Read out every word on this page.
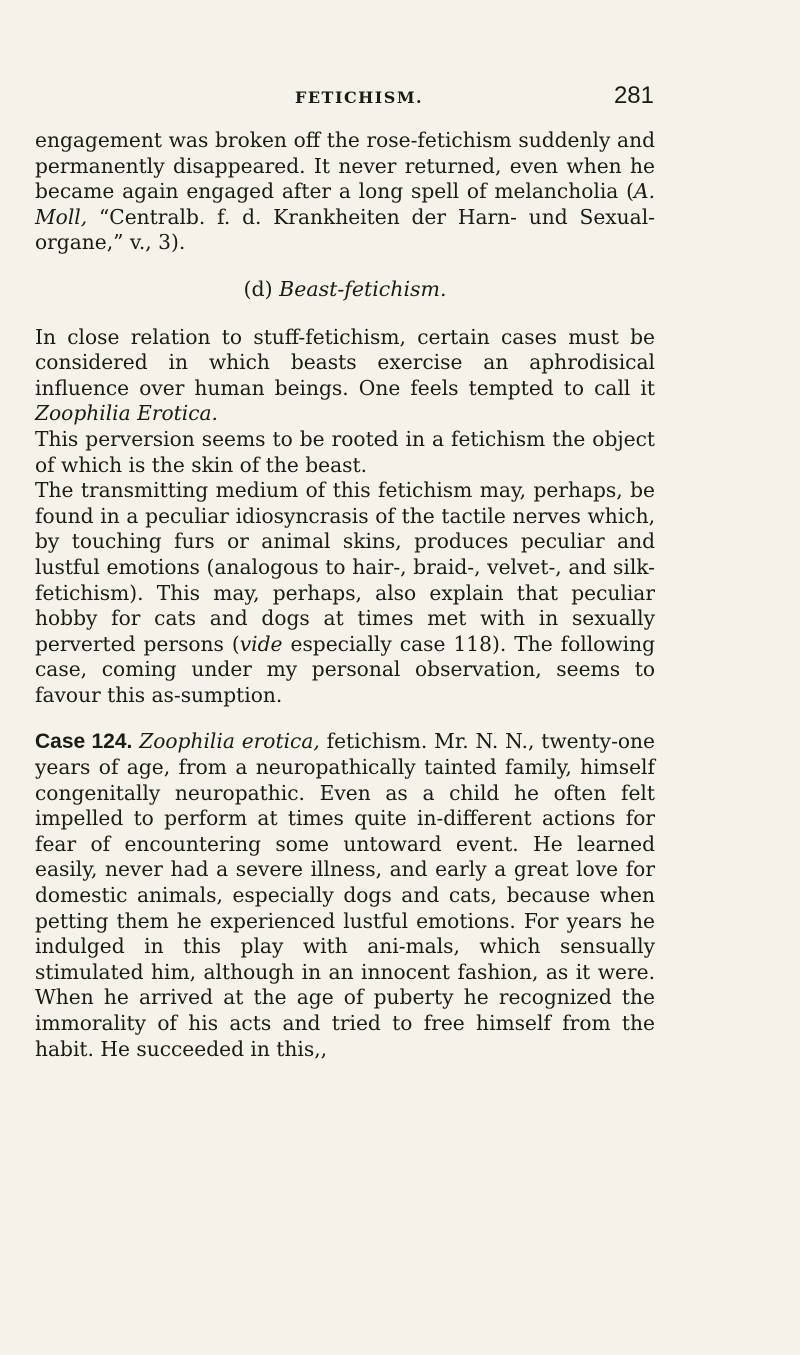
FETICHISM.	281

engagement was broken off the rose-fetichism suddenly and permanently disappeared. It never returned, even when he became again engaged after a long spell of melancholia (A. Moll, “Centralb. f. d. Krankheiten der Harn- und Sexual-organe,” v., 3).

(d) Beast-fetichism.

In close relation to stuff-fetichism, certain cases must be considered in which beasts exercise an aphrodisical influence over human beings. One feels tempted to call it Zoophilia Erotica.

This perversion seems to be rooted in a fetichism the object of which is the skin of the beast.

The transmitting medium of this fetichism may, perhaps, be found in a peculiar idiosyncrasis of the tactile nerves which, by touching furs or animal skins, produces peculiar and lustful emotions (analogous to hair-, braid-, velvet-, and silk-fetichism). This may, perhaps, also explain that peculiar hobby for cats and dogs at times met with in sexually perverted persons (vide especially case 118). The following case, coming under my personal observation, seems to favour this as-sumption.

Case 124. Zoophilia erotica, fetichism. Mr. N. N., twenty-one years of age, from a neuropathically tainted family, himself congenitally neuropathic. Even as a child he often felt impelled to perform at times quite in-different actions for fear of encountering some untoward event. He learned easily, never had a severe illness, and early a great love for domestic animals, especially dogs and cats, because when petting them he experienced lustful emotions. For years he indulged in this play with ani-mals, which sensually stimulated him, although in an innocent fashion, as it were. When he arrived at the age of puberty he recognized the immorality of his acts and tried to free himself from the habit. He succeeded in this,,
